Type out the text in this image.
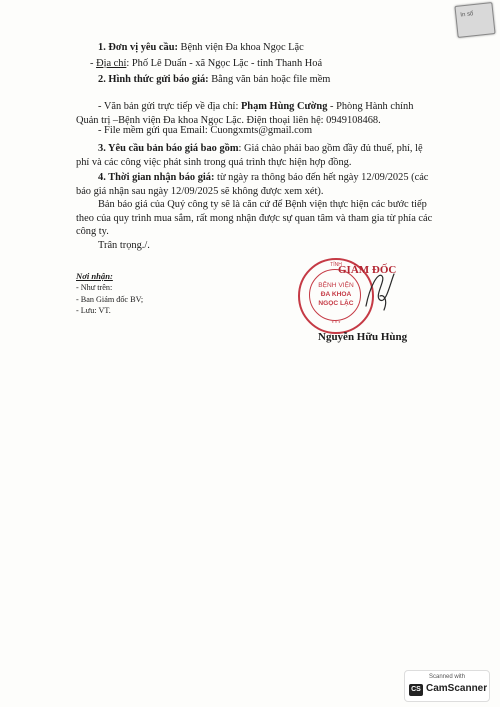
In sổ
1. Đơn vị yêu cầu: Bệnh viện Đa khoa Ngọc Lặc
- Địa chỉ: Phố Lê Duẩn - xã Ngọc Lặc - tỉnh Thanh Hoá
2. Hình thức gửi báo giá: Bằng văn bản hoặc file mềm
- Văn bản gửi trực tiếp về địa chỉ: Phạm Hùng Cường - Phòng Hành chính Quản trị –Bệnh viện Đa khoa Ngọc Lặc. Điện thoại liên hệ: 0949108468.
- File mềm gửi qua Email: Cuongxmts@gmail.com
3. Yêu cầu bản báo giá bao gồm: Giá chào phải bao gồm đầy đủ thuế, phí, lệ phí và các công việc phát sinh trong quá trình thực hiện hợp đồng.
4. Thời gian nhận báo giá: từ ngày ra thông báo đến hết ngày 12/09/2025 (các báo giá nhận sau ngày 12/09/2025 sẽ không được xem xét).
Bản báo giá của Quý công ty sẽ là căn cứ để Bệnh viện thực hiện các bước tiếp theo của quy trình mua sắm, rất mong nhận được sự quan tâm và tham gia từ phía các công ty.
Trân trọng./.
Nơi nhận:
- Như trên:
- Ban Giám đốc BV;
- Lưu: VT.
TỈNH
BỆNH VIỆN
ĐA KHOA
NGỌC LẶC
* * *
GIÁM ĐỐC
Nguyễn Hữu Hùng
Scanned with
CS CamScanner
